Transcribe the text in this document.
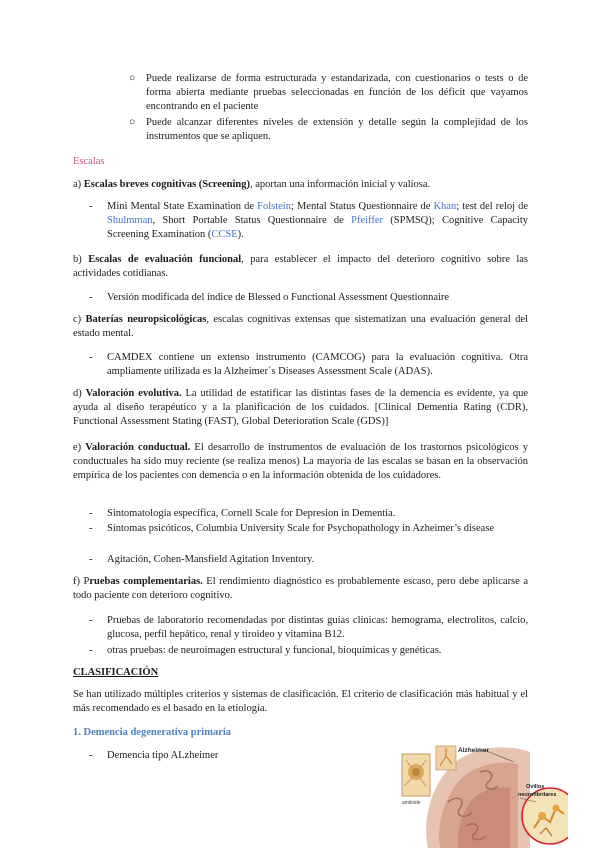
○ Puede realizarse de forma estructurada y estandarizada, con cuestionarios o tests o de forma abierta mediante pruebas seleccionadas en función de los déficit que vayamos encontrando en el paciente
○ Puede alcanzar diferentes niveles de extensión y detalle según la complejidad de los instrumentos que se apliquen.
Escalas
a) Escalas breves cognitivas (Screening), aportan una información inicial y valiosa.
- Mini Mental State Examination de Folstein; Mental Status Questionnaire de Khan; test del reloj de Shulmman, Short Portable Status Questionnaire de Pfeiffer (SPMSQ); Cognitive Capacity Screening Examination (CCSE).
b) Escalas de evaluación funcional, para establecer el impacto del deterioro cognitivo sobre las actividades cotidianas.
- Versión modificada del índice de Blessed o Functional Assessment Questionnaire
c) Baterías neuropsicológicas, escalas cognitivas extensas que sistematizan una evaluación general del estado mental.
- CAMDEX contiene un extenso instrumento (CAMCOG) para la evaluación cognitiva. Otra ampliamente utilizada es la Alzheimer´s Diseases Assessment Scale (ADAS).
d) Valoración evolutiva. La utilidad de estatificar las distintas fases de la demencia es evidente, ya que ayuda al diseño terapéutico y a la planificación de los cuidados. [Clinical Dementia Rating (CDR), Functional Assessment Stating (FAST), Global Deterioration Scale (GDS)]
e) Valoración conductual. El desarrollo de instrumentos de evaluación de los trastornos psicológicos y conductuales ha sido muy reciente (se realiza menos) La mayoría de las escalas se basan en la observación empírica de los pacientes con demencia o en la información obtenida de los cuidadores.
- Sintomatología específica, Cornell Scale for Depresion in Dementia.
- Síntomas psicóticos, Columbia University Scale for Psychopathology in Azheimer’s disease
- Agitación, Cohen-Mansfield Agitation Inventory.
f) Pruebas complementarias. El rendimiento diagnóstico es probablemente escaso, pero debe aplicarse a todo paciente con deterioro cognitivo.
- Pruebas de laboratorio recomendadas por distintas guías clínicas: hemograma, electrolitos, calcio, glucosa, perfil hepático, renal y tiroideo y vitamina B12.
- otras pruebas: de neuroimagen estructural y funcional, bioquímicas y genéticas.
CLASIFICACIÓN
Se han utilizado múltiples criterios y sistemas de clasificación. El criterio de clasificación más habitual y el más recomendado es el basado en la etiología.
1. Demencia degenerativa primaria
- Demencia tipo ALzheimer	Alzheimer
Ovillos
neurofibrilares
amiloide
